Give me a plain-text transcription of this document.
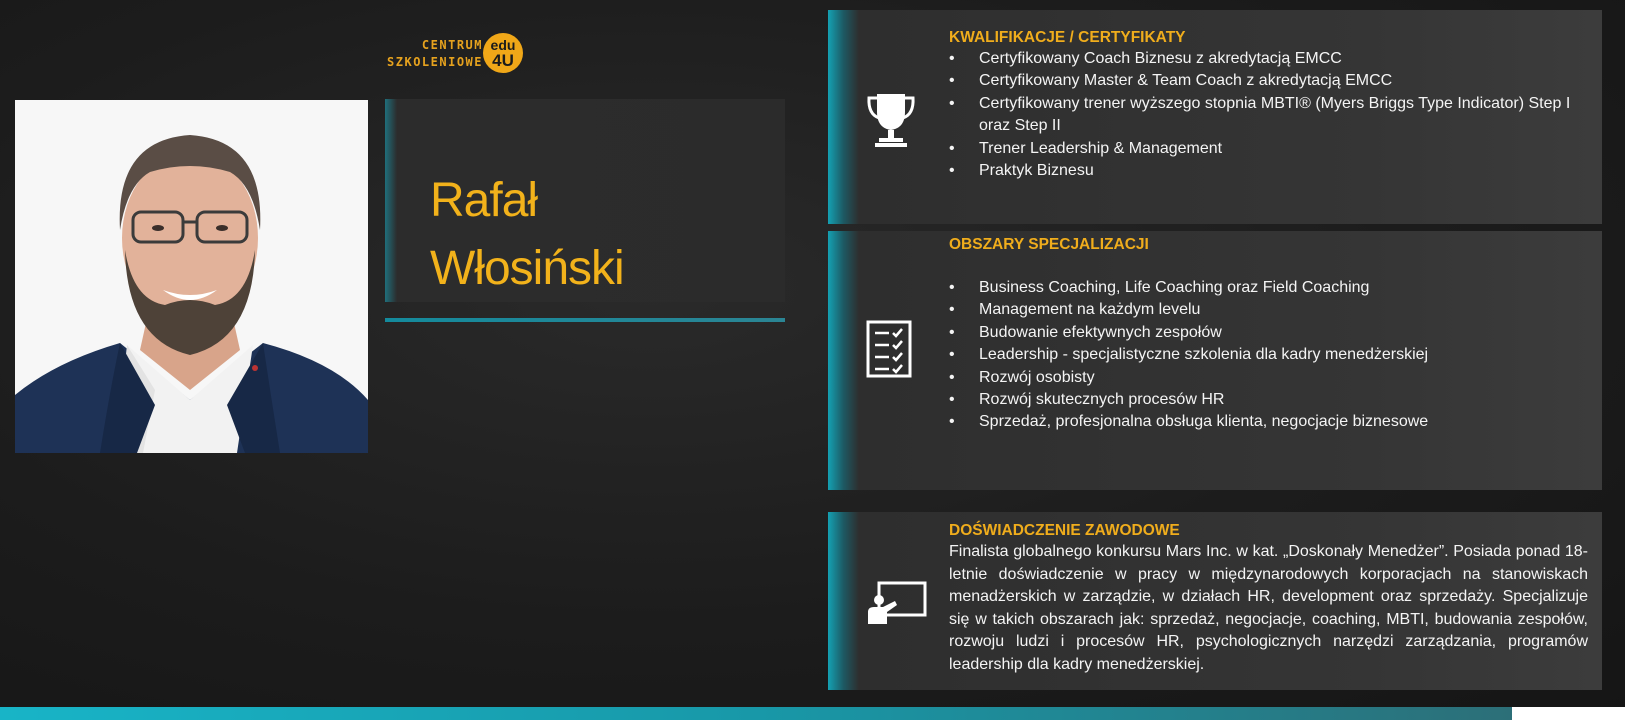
CENTRUM
SZKOLENIOWE
edu
4U
Rafał
Włosiński
KWALIFIKACJE / CERTYFIKATY
• Certyfikowany Coach Biznesu z akredytacją EMCC
• Certyfikowany Master & Team Coach z akredytacją EMCC
• Certyfikowany trener wyższego stopnia MBTI® (Myers Briggs Type Indicator) Step I oraz Step II
• Trener Leadership & Management
• Praktyk Biznesu
OBSZARY SPECJALIZACJI
• Business Coaching, Life Coaching oraz Field Coaching
• Management na każdym levelu
• Budowanie efektywnych zespołów
• Leadership - specjalistyczne szkolenia dla kadry menedżerskiej
• Rozwój osobisty
• Rozwój skutecznych procesów HR
• Sprzedaż, profesjonalna obsługa klienta, negocjacje biznesowe
DOŚWIADCZENIE ZAWODOWE
Finalista globalnego konkursu Mars Inc. w kat. „Doskonały Menedżer”. Posiada ponad 18-letnie doświadczenie w pracy w międzynarodowych korporacjach na stanowiskach menadżerskich w zarządzie, w działach HR, development oraz sprzedaży. Specjalizuje się w takich obszarach jak: sprzedaż, negocjacje, coaching, MBTI, budowania zespołów, rozwoju ludzi i procesów HR, psychologicznych narzędzi zarządzania, programów leadership dla kadry menedżerskiej.
